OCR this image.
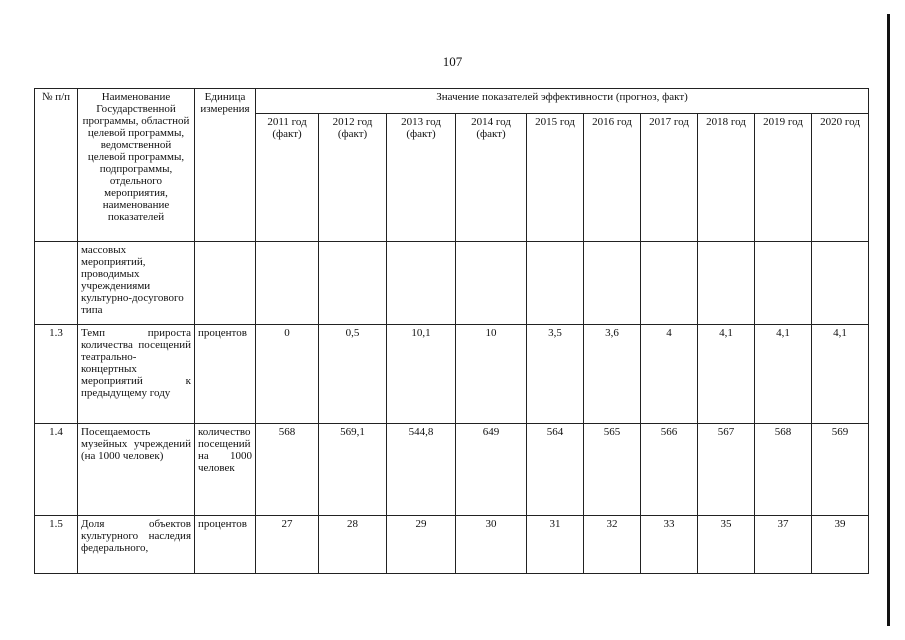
107
№ п/п	Наименование Государственной программы, областной целевой программы, ведомственной целевой программы, подпрограммы, отдельного мероприятия, наименование показателей	Единица измерения	Значение показателей эффективности (прогноз, факт)									
			2011 год (факт)	2012 год (факт)	2013 год (факт)	2014 год (факт)	2015 год	2016 год	2017 год	2018 год	2019 год	2020 год
	массовых мероприятий, проводимых учреждениями культурно-досугового типа											
1.3	Темп прироста количества посещений театрально-концертных мероприятий к предыдущему году	процентов	0	0,5	10,1	10	3,5	3,6	4	4,1	4,1	4,1
1.4	Посещаемость музейных учреждений (на 1000 человек)	количество посещений на 1000 человек	568	569,1	544,8	649	564	565	566	567	568	569
1.5	Доля объектов культурного наследия федерального,	процентов	27	28	29	30	31	32	33	35	37	39
